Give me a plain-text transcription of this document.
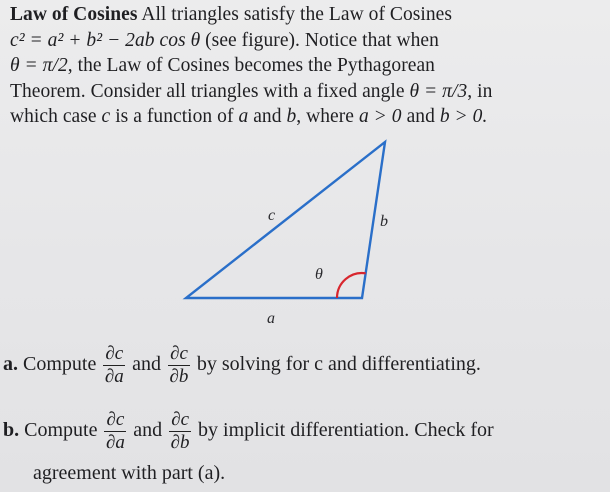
Law of Cosines All triangles satisfy the Law of Cosines
c² = a² + b² − 2ab cos θ (see figure). Notice that when
θ = π/2, the Law of Cosines becomes the Pythagorean
Theorem. Consider all triangles with a fixed angle θ = π/3, in
which case c is a function of a and b, where a > 0 and b > 0.
c	b
a
θ
a. Compute $\frac{\partial c}{\partial a}$ and $\frac{\partial c}{\partial b}$ by solving for c and differentiating.
b. Compute $\frac{\partial c}{\partial a}$ and $\frac{\partial c}{\partial b}$ by implicit differentiation. Check for
agreement with part (a).
